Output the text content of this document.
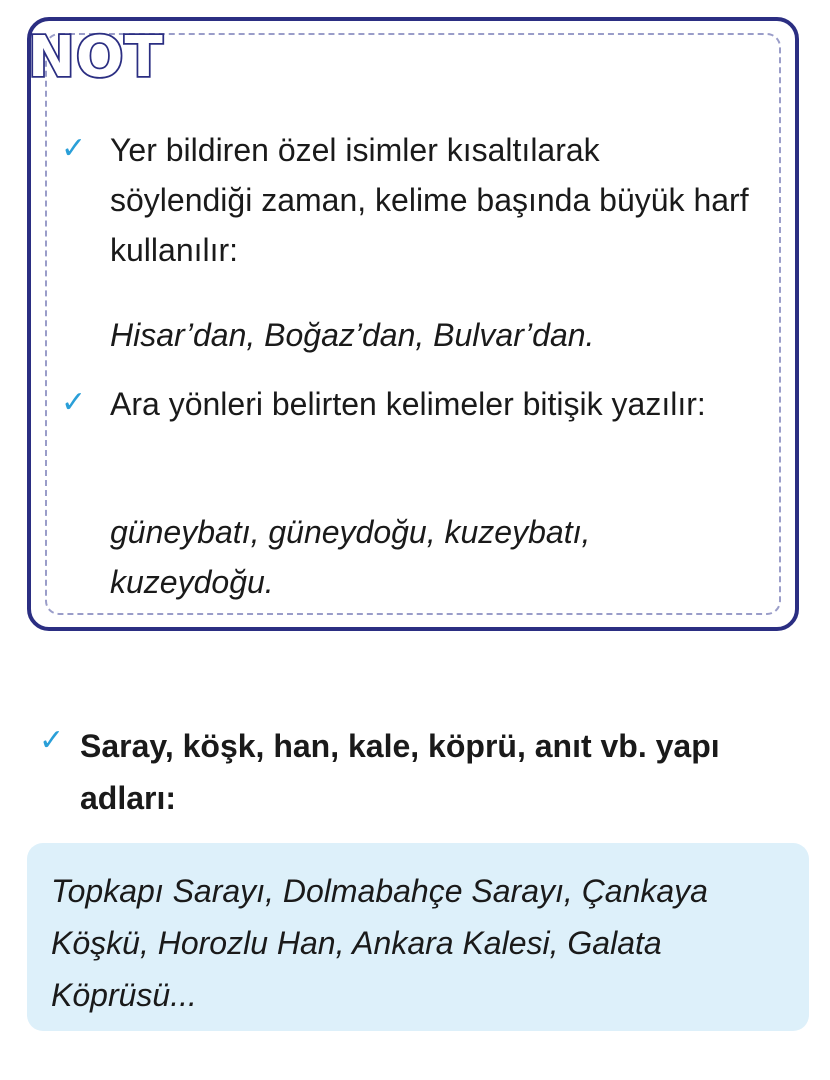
NOT
✓ Yer bildiren özel isimler kısaltılarak söylendiği zaman, kelime başında büyük harf kullanılır:
Hisar’dan, Boğaz’dan, Bulvar’dan.
✓ Ara yönleri belirten kelimeler bitişik yazılır:
güneybatı, güneydoğu, kuzeybatı, kuzeydoğu.
✓ Saray, köşk, han, kale, köprü, anıt vb. yapı adları:
Topkapı Sarayı, Dolmabahçe Sarayı, Çankaya Köşkü, Horozlu Han, Ankara Kalesi, Galata Köprüsü...
